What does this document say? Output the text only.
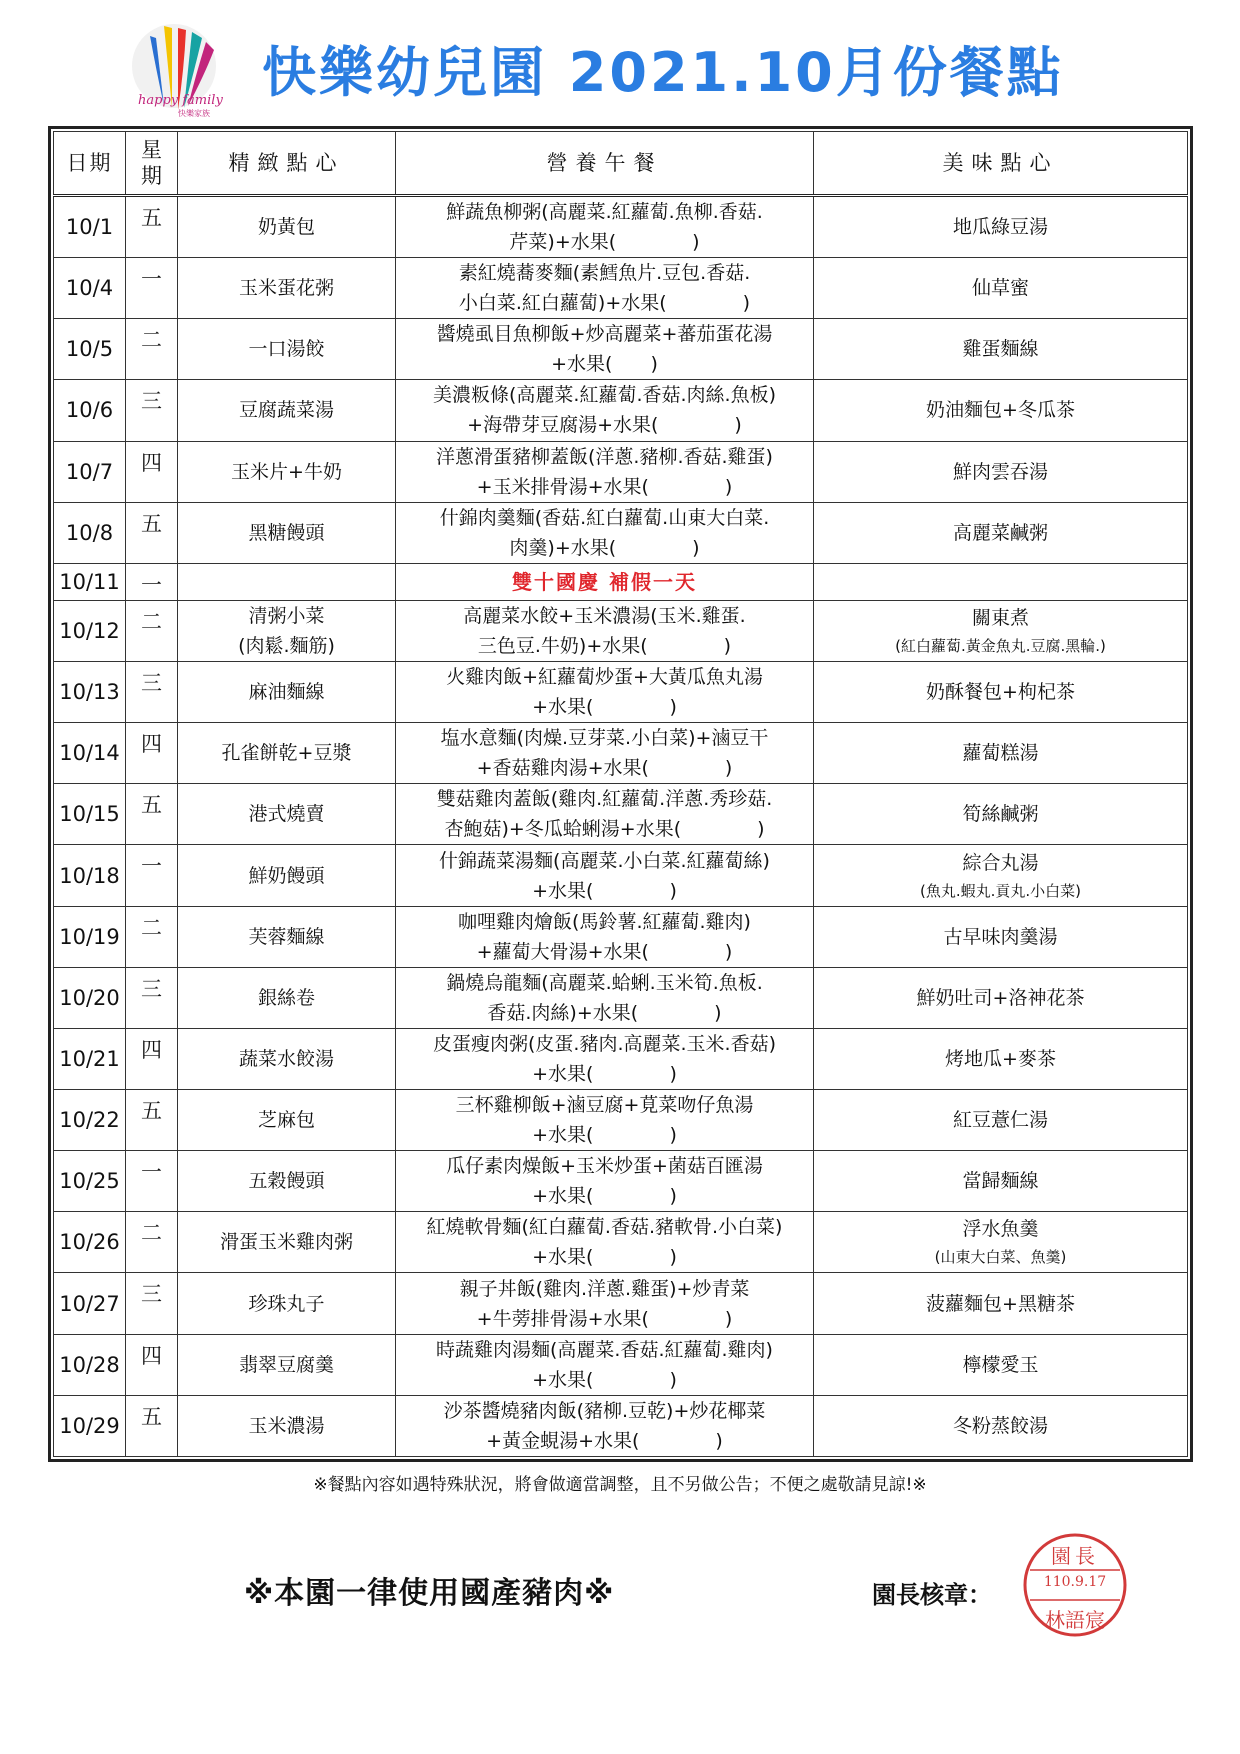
happy family
快樂家族
快樂幼兒園 2021.10月份餐點
日期	星
期	精緻點心	營養午餐	美味點心
10/1	五	奶黃包	鮮蔬魚柳粥(高麗菜.紅蘿蔔.魚柳.香菇.
芹菜)+水果(　　　　)	地瓜綠豆湯

10/4	一	玉米蛋花粥	素紅燒蕎麥麵(素鱈魚片.豆包.香菇.
小白菜.紅白蘿蔔)+水果(　　　　)	仙草蜜

10/5	二	一口湯餃	醬燒虱目魚柳飯+炒高麗菜+蕃茄蛋花湯
+水果(　　)	雞蛋麵線

10/6	三	豆腐蔬菜湯	美濃粄條(高麗菜.紅蘿蔔.香菇.肉絲.魚板)
+海帶芽豆腐湯+水果(　　　　)	奶油麵包+冬瓜茶

10/7	四	玉米片+牛奶	洋蔥滑蛋豬柳蓋飯(洋蔥.豬柳.香菇.雞蛋)
+玉米排骨湯+水果(　　　　)	鮮肉雲吞湯

10/8	五	黑糖饅頭	什錦肉羹麵(香菇.紅白蘿蔔.山東大白菜.
肉羹)+水果(　　　　)	高麗菜鹹粥

10/11	一		雙十國慶 補假一天	
10/12	二	清粥小菜
(肉鬆.麵筋)	高麗菜水餃+玉米濃湯(玉米.雞蛋.
三色豆.牛奶)+水果(　　　　)	關東煮
(紅白蘿蔔.黃金魚丸.豆腐.黑輪.)

10/13	三	麻油麵線	火雞肉飯+紅蘿蔔炒蛋+大黃瓜魚丸湯
+水果(　　　　)	奶酥餐包+枸杞茶

10/14	四	孔雀餅乾+豆漿	塩水意麵(肉燥.豆芽菜.小白菜)+滷豆干
+香菇雞肉湯+水果(　　　　)	蘿蔔糕湯

10/15	五	港式燒賣	雙菇雞肉蓋飯(雞肉.紅蘿蔔.洋蔥.秀珍菇.
杏鮑菇)+冬瓜蛤蜊湯+水果(　　　　)	筍絲鹹粥

10/18	一	鮮奶饅頭	什錦蔬菜湯麵(高麗菜.小白菜.紅蘿蔔絲)
+水果(　　　　)	綜合丸湯
(魚丸.蝦丸.貢丸.小白菜)

10/19	二	芙蓉麵線	咖哩雞肉燴飯(馬鈴薯.紅蘿蔔.雞肉)
+蘿蔔大骨湯+水果(　　　　)	古早味肉羹湯

10/20	三	銀絲卷	鍋燒烏龍麵(高麗菜.蛤蜊.玉米筍.魚板.
香菇.肉絲)+水果(　　　　)	鮮奶吐司+洛神花茶

10/21	四	蔬菜水餃湯	皮蛋瘦肉粥(皮蛋.豬肉.高麗菜.玉米.香菇)
+水果(　　　　)	烤地瓜+麥茶

10/22	五	芝麻包	三杯雞柳飯+滷豆腐+莧菜吻仔魚湯
+水果(　　　　)	紅豆薏仁湯

10/25	一	五穀饅頭	瓜仔素肉燥飯+玉米炒蛋+菌菇百匯湯
+水果(　　　　)	當歸麵線

10/26	二	滑蛋玉米雞肉粥	紅燒軟骨麵(紅白蘿蔔.香菇.豬軟骨.小白菜)
+水果(　　　　)	浮水魚羹
(山東大白菜、魚羹)

10/27	三	珍珠丸子	親子丼飯(雞肉.洋蔥.雞蛋)+炒青菜
+牛蒡排骨湯+水果(　　　　)	菠蘿麵包+黑糖茶

10/28	四	翡翠豆腐羹	時蔬雞肉湯麵(高麗菜.香菇.紅蘿蔔.雞肉)
+水果(　　　　)	檸檬愛玉

10/29	五	玉米濃湯	沙茶醬燒豬肉飯(豬柳.豆乾)+炒花椰菜
+黃金蜆湯+水果(　　　　)	冬粉蒸餃湯
※餐點內容如遇特殊狀況，將會做適當調整，且不另做公告；不便之處敬請見諒!※
※本園一律使用國產豬肉※	園長核章：
園長
110.9.17
林語宸
